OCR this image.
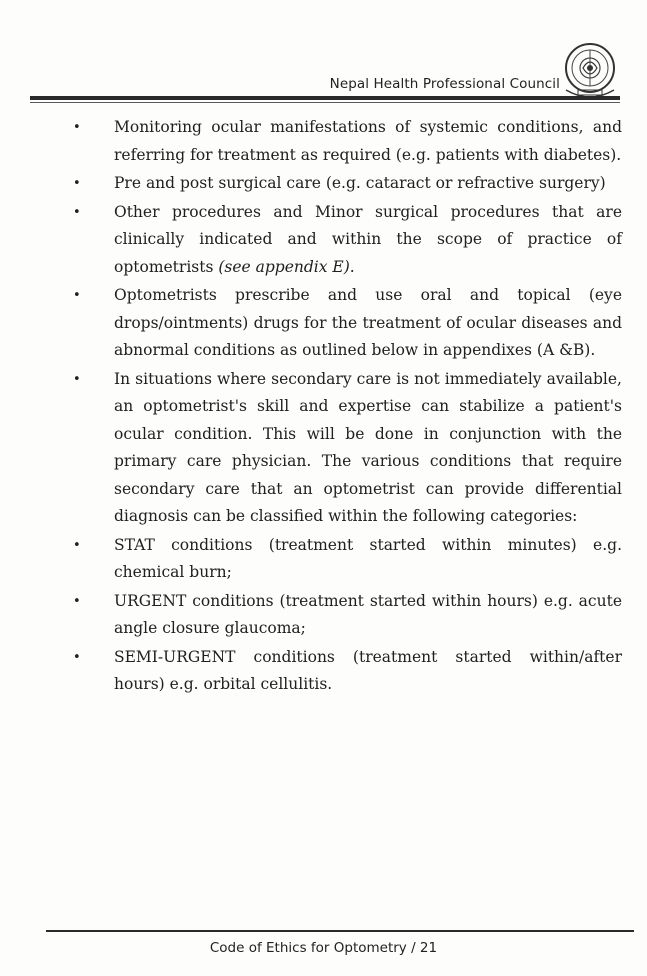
Nepal Health Professional Council
•	Monitoring ocular manifestations of systemic conditions, and referring for treatment as required (e.g. patients with diabetes).
•	Pre and post surgical care (e.g. cataract or refractive surgery)
•	Other procedures and Minor surgical procedures that are clinically indicated and within the scope of practice of optometrists (see appendix E).
•	Optometrists prescribe and use oral and topical (eye drops/ointments) drugs for the treatment of ocular diseases and abnormal conditions as outlined below in appendixes (A &B).
•	In situations where secondary care is not immediately available, an optometrist's skill and expertise can stabilize a patient's ocular condition. This will be done in conjunction with the primary care physician. The various conditions that require secondary care that an optometrist can provide differential diagnosis can be classified within the following categories:
•	STAT conditions (treatment started within minutes) e.g. chemical burn;
•	URGENT conditions (treatment started within hours) e.g. acute angle closure glaucoma;
•	SEMI-URGENT conditions (treatment started within/after hours) e.g. orbital cellulitis.
Code of Ethics for Optometry / 21
